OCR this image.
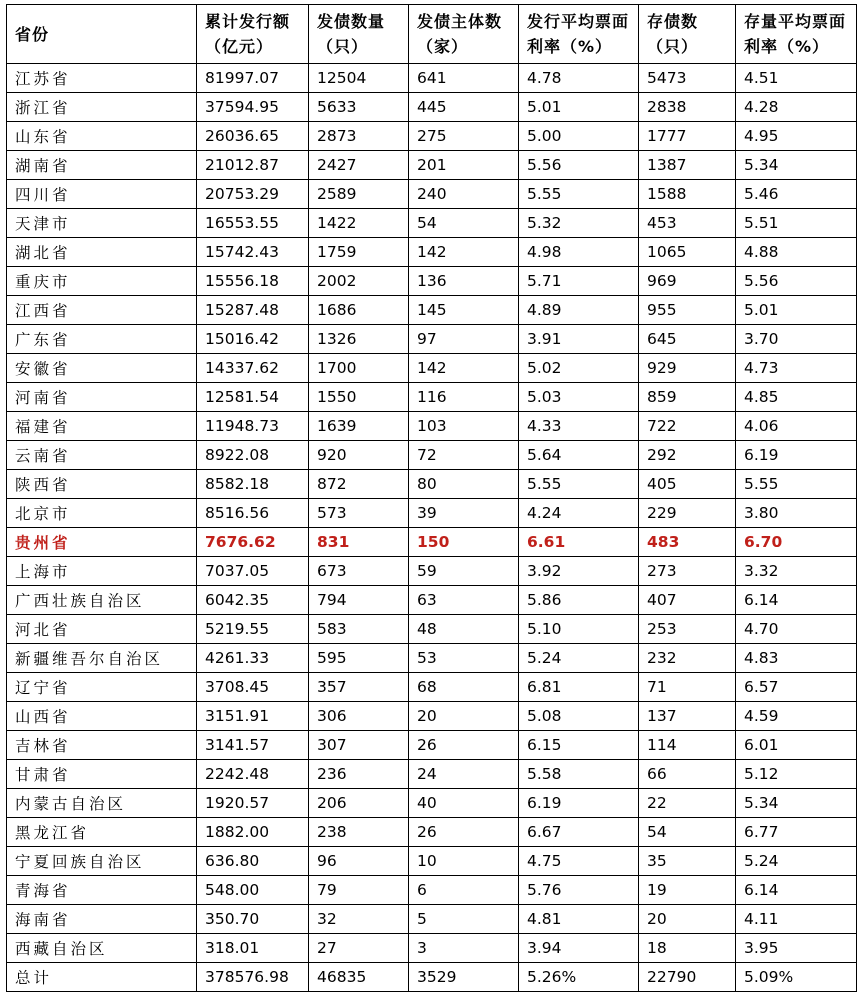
省份	累计发行额（亿元）	发债数量（只）	发债主体数（家）	发行平均票面利率（%）	存债数（只）	存量平均票面利率（%）
江苏省	81997.07	12504	641	4.78	5473	4.51
浙江省	37594.95	5633	445	5.01	2838	4.28
山东省	26036.65	2873	275	5.00	1777	4.95
湖南省	21012.87	2427	201	5.56	1387	5.34
四川省	20753.29	2589	240	5.55	1588	5.46
天津市	16553.55	1422	54	5.32	453	5.51
湖北省	15742.43	1759	142	4.98	1065	4.88
重庆市	15556.18	2002	136	5.71	969	5.56
江西省	15287.48	1686	145	4.89	955	5.01
广东省	15016.42	1326	97	3.91	645	3.70
安徽省	14337.62	1700	142	5.02	929	4.73
河南省	12581.54	1550	116	5.03	859	4.85
福建省	11948.73	1639	103	4.33	722	4.06
云南省	8922.08	920	72	5.64	292	6.19
陕西省	8582.18	872	80	5.55	405	5.55
北京市	8516.56	573	39	4.24	229	3.80
贵州省	7676.62	831	150	6.61	483	6.70
上海市	7037.05	673	59	3.92	273	3.32
广西壮族自治区	6042.35	794	63	5.86	407	6.14
河北省	5219.55	583	48	5.10	253	4.70
新疆维吾尔自治区	4261.33	595	53	5.24	232	4.83
辽宁省	3708.45	357	68	6.81	71	6.57
山西省	3151.91	306	20	5.08	137	4.59
吉林省	3141.57	307	26	6.15	114	6.01
甘肃省	2242.48	236	24	5.58	66	5.12
内蒙古自治区	1920.57	206	40	6.19	22	5.34
黑龙江省	1882.00	238	26	6.67	54	6.77
宁夏回族自治区	636.80	96	10	4.75	35	5.24
青海省	548.00	79	6	5.76	19	6.14
海南省	350.70	32	5	4.81	20	4.11
西藏自治区	318.01	27	3	3.94	18	3.95
总计	378576.98	46835	3529	5.26%	22790	5.09%
